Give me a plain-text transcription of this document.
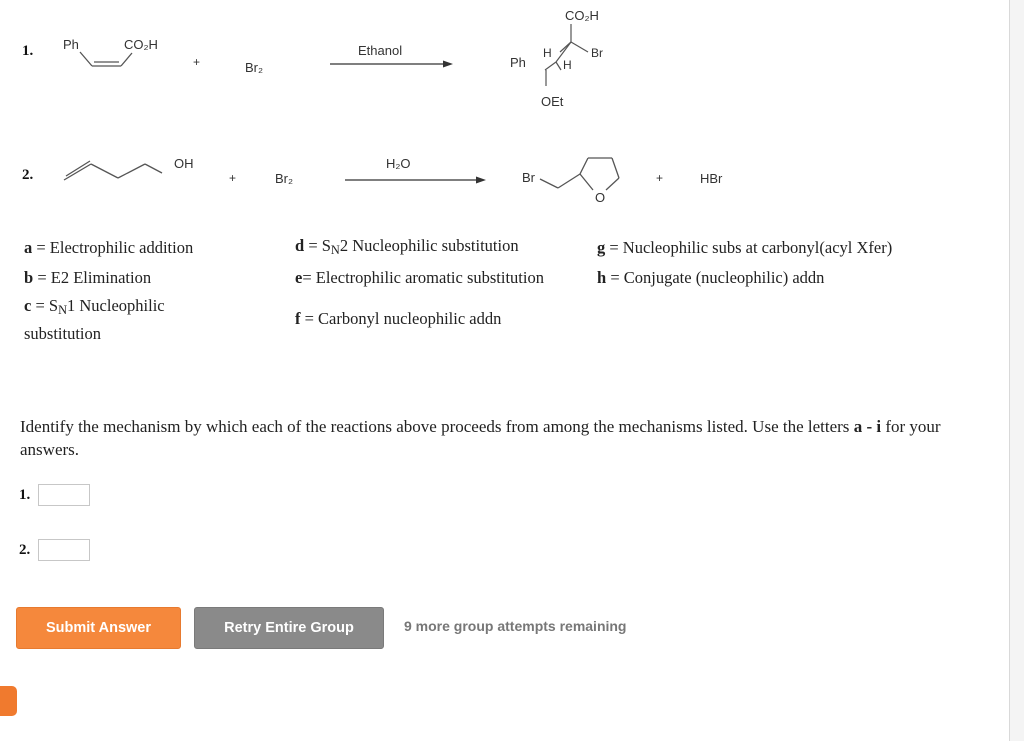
1. Ph	CO₂H
+	Br₂
Ethanol
CO₂H
H	Br
Ph	H
OEt
2.
OH
+	Br₂
H₂O
Br
O
+	HBr
a = Electrophilic addition
b = E2 Elimination
c = SN1 Nucleophilic
substitution
d = SN2 Nucleophilic substitution
e= Electrophilic aromatic substitution
f = Carbonyl nucleophilic addn
g = Nucleophilic subs at carbonyl(acyl Xfer)
h = Conjugate (nucleophilic) addn
Identify the mechanism by which each of the reactions above proceeds from among the mechanisms listed. Use the letters a - i for your answers.
1.
2.
Submit Answer	Retry Entire Group	9 more group attempts remaining
